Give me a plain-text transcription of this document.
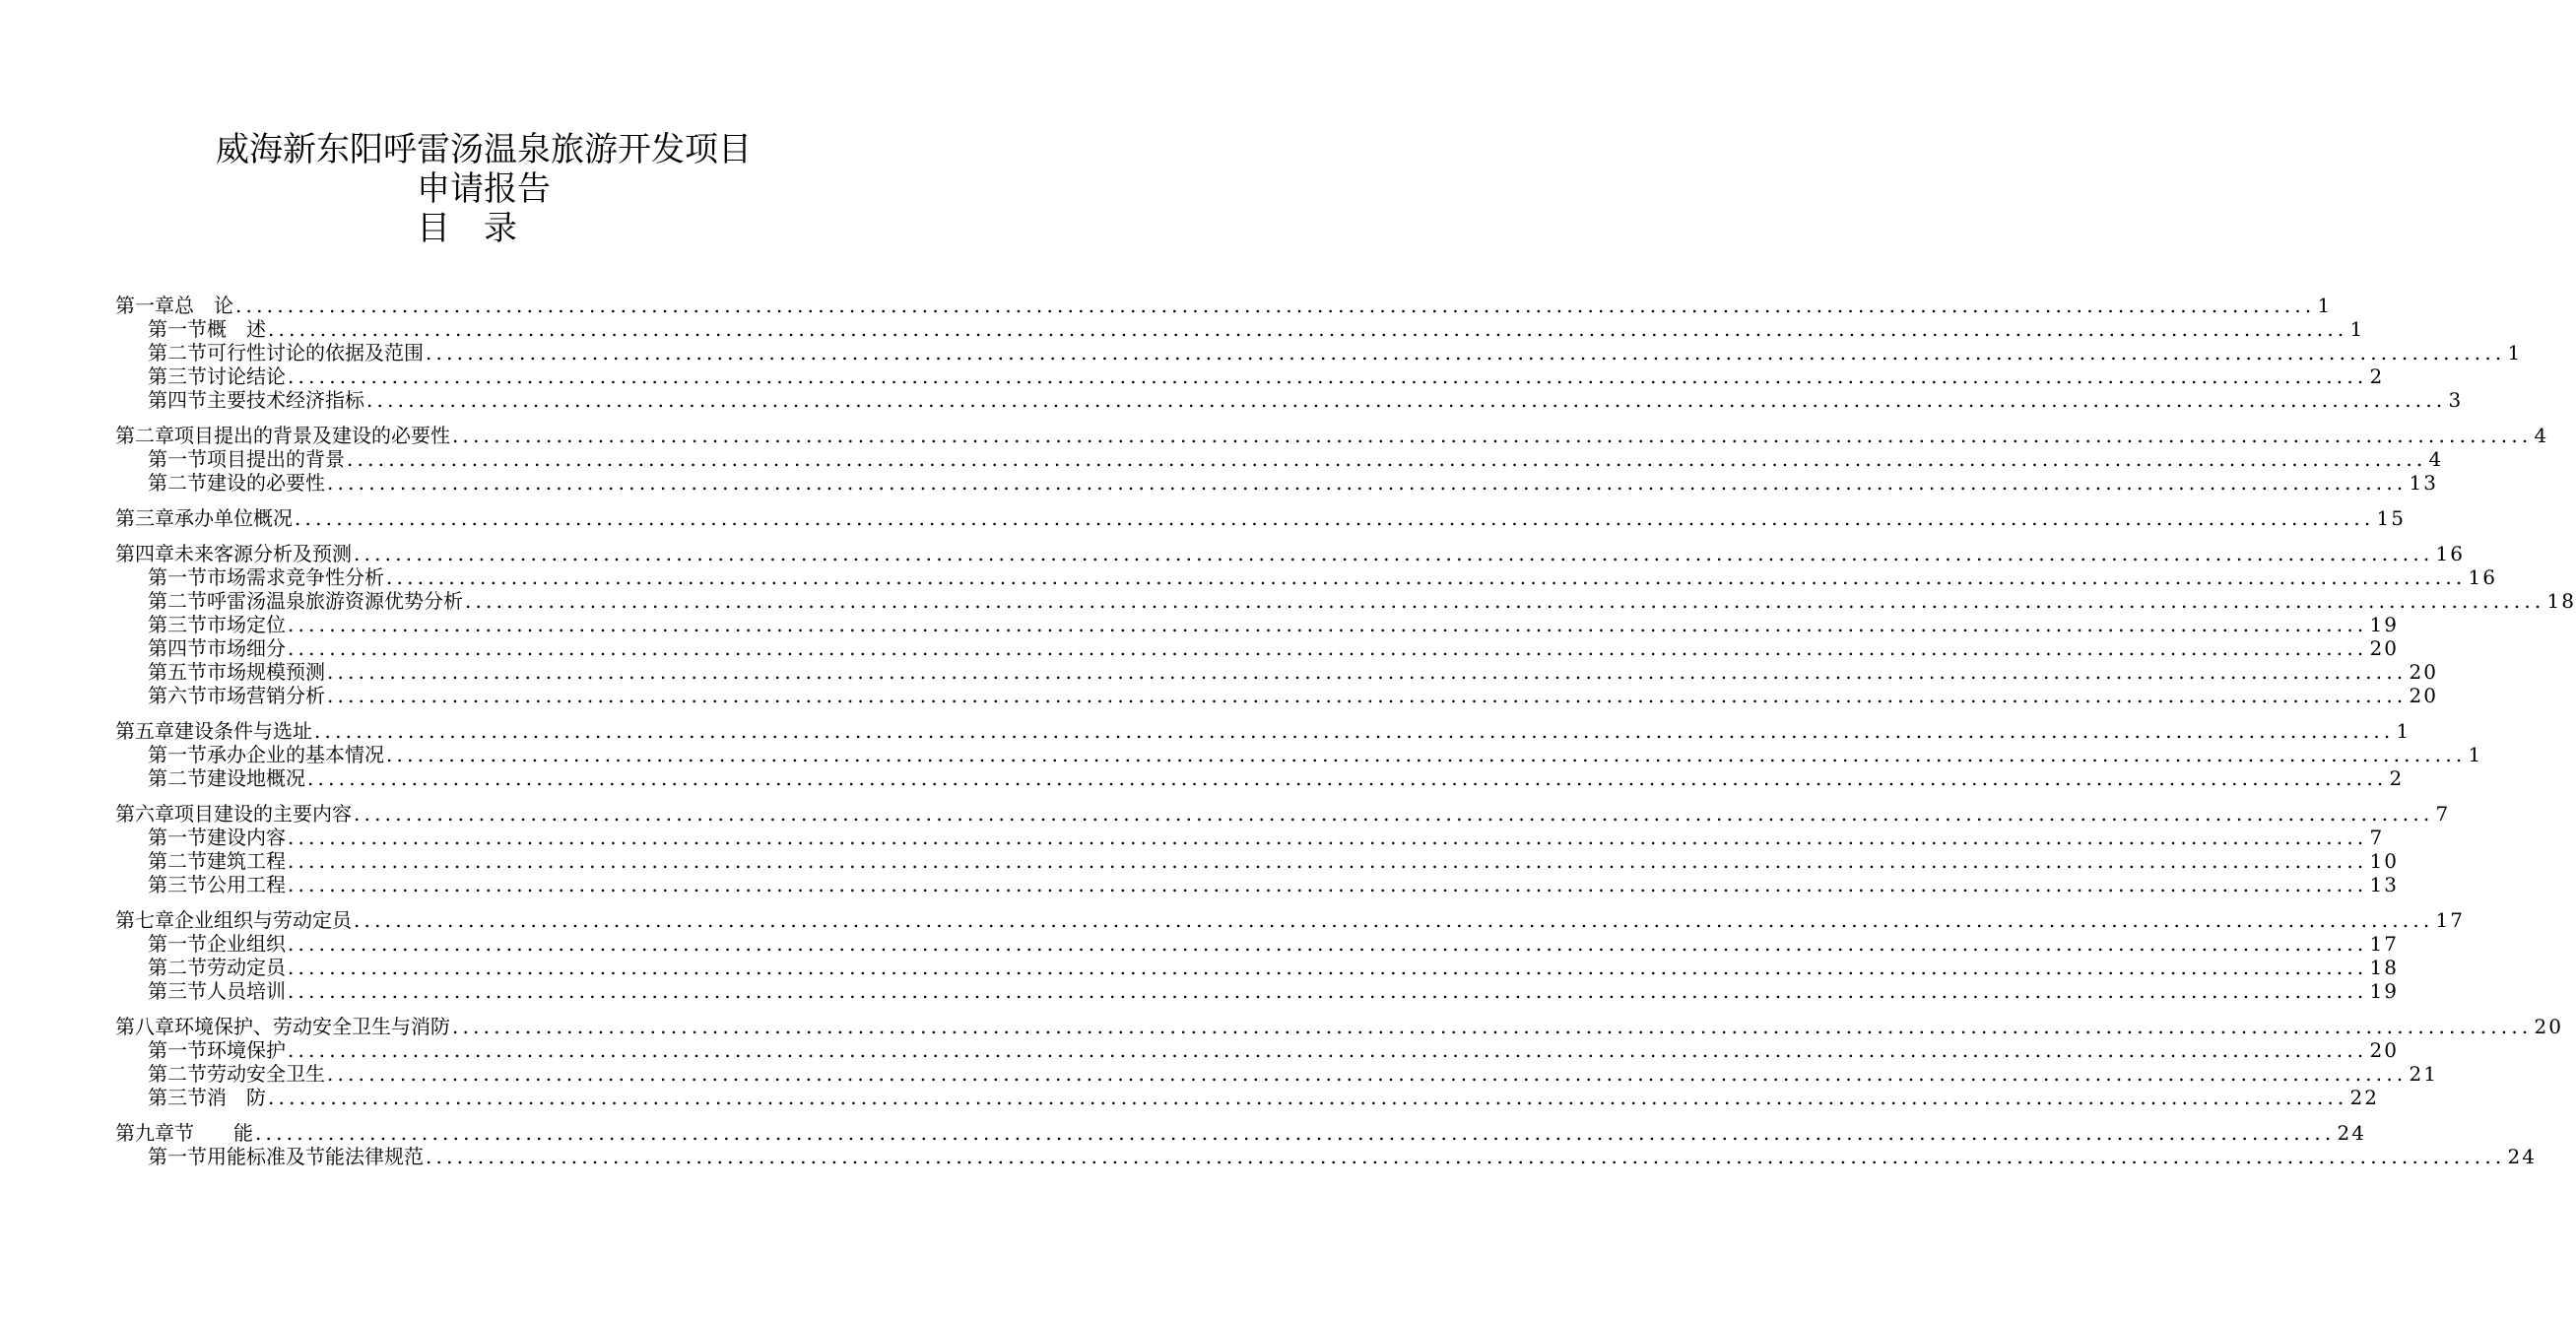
威海新东阳呼雷汤温泉旅游开发项目
申请报告
目录
第一章 总　论 ........................................................................................................................................................................................................ 1
第一节 概　述 ........................................................................................................................................................................................................ 1
第二节 可行性讨论的依据及范围 ........................................................................................................................................................................................................ 1
第三节 讨论结论 ........................................................................................................................................................................................................ 2
第四节 主要技术经济指标 ........................................................................................................................................................................................................ 3
第二章 项目提出的背景及建设的必要性 ........................................................................................................................................................................................................ 4
第一节 项目提出的背景 ........................................................................................................................................................................................................ 4
第二节 建设的必要性 ........................................................................................................................................................................................................ 13
第三章 承办单位概况 ........................................................................................................................................................................................................ 15
第四章 未来客源分析及预测 ........................................................................................................................................................................................................ 16
第一节 市场需求竞争性分析 ........................................................................................................................................................................................................ 16
第二节 呼雷汤温泉旅游资源优势分析 ........................................................................................................................................................................................................ 18
第三节 市场定位 ........................................................................................................................................................................................................ 19
第四节 市场细分 ........................................................................................................................................................................................................ 20
第五节 市场规模预测 ........................................................................................................................................................................................................ 20
第六节 市场营销分析 ........................................................................................................................................................................................................ 20
第五章 建设条件与选址 ........................................................................................................................................................................................................ 1
第一节 承办企业的基本情况 ........................................................................................................................................................................................................ 1
第二节 建设地概况 ........................................................................................................................................................................................................ 2
第六章 项目建设的主要内容 ........................................................................................................................................................................................................ 7
第一节 建设内容 ........................................................................................................................................................................................................ 7
第二节 建筑工程 ........................................................................................................................................................................................................ 10
第三节 公用工程 ........................................................................................................................................................................................................ 13
第七章 企业组织与劳动定员 ........................................................................................................................................................................................................ 17
第一节 企业组织 ........................................................................................................................................................................................................ 17
第二节 劳动定员 ........................................................................................................................................................................................................ 18
第三节 人员培训 ........................................................................................................................................................................................................ 19
第八章 环境保护、劳动安全卫生与消防 ........................................................................................................................................................................................................ 20
第一节 环境保护 ........................................................................................................................................................................................................ 20
第二节 劳动安全卫生 ........................................................................................................................................................................................................ 21
第三节 消　防 ........................................................................................................................................................................................................ 22
第九章 节　　能 ........................................................................................................................................................................................................ 24
第一节 用能标准及节能法律规范 ........................................................................................................................................................................................................ 24
